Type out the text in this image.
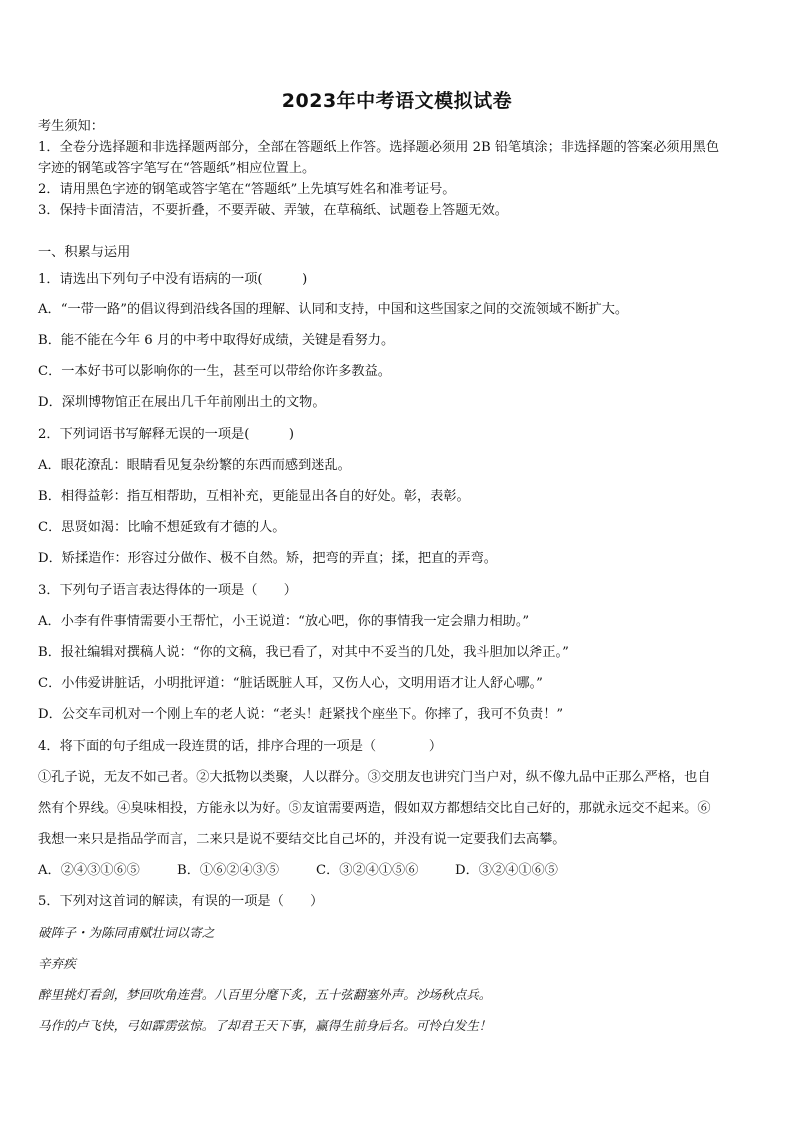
2023年中考语文模拟试卷
考生须知：
1．全卷分选择题和非选择题两部分，全部在答题纸上作答。选择题必须用 2B 铅笔填涂；非选择题的答案必须用黑色
字迹的钢笔或答字笔写在“答题纸”相应位置上。
2．请用黑色字迹的钢笔或答字笔在“答题纸”上先填写姓名和准考证号。
3．保持卡面清洁，不要折叠，不要弄破、弄皱，在草稿纸、试题卷上答题无效。
一、积累与运用
1．请选出下列句子中没有语病的一项(　　　)
A．“一带一路”的倡议得到沿线各国的理解、认同和支持，中国和这些国家之间的交流领域不断扩大。
B．能不能在今年 6 月的中考中取得好成绩，关键是看努力。
C．一本好书可以影响你的一生，甚至可以带给你许多教益。
D．深圳博物馆正在展出几千年前刚出土的文物。
2．下列词语书写解释无误的一项是(　　　)
A．眼花潦乱：眼睛看见复杂纷繁的东西而感到迷乱。
B．相得益彰：指互相帮助，互相补充，更能显出各自的好处。彰，表彰。
C．思贤如渴：比喻不想延致有才德的人。
D．矫揉造作：形容过分做作、极不自然。矫，把弯的弄直；揉，把直的弄弯。
3．下列句子语言表达得体的一项是（　　）
A．小李有件事情需要小王帮忙，小王说道：“放心吧，你的事情我一定会鼎力相助。”
B．报社编辑对撰稿人说：“你的文稿，我已看了，对其中不妥当的几处，我斗胆加以斧正。”
C．小伟爱讲脏话，小明批评道：“脏话既脏人耳，又伤人心，文明用语才让人舒心哪。”
D．公交车司机对一个刚上车的老人说：“老头！赶紧找个座坐下。你摔了，我可不负责！”
4．将下面的句子组成一段连贯的话，排序合理的一项是（　　　　）
①孔子说，无友不如己者。②大抵物以类聚，人以群分。③交朋友也讲究门当户对，纵不像九品中正那么严格，也自
然有个界线。④臭味相投，方能永以为好。⑤友谊需要两造，假如双方都想结交比自己好的，那就永远交不起来。⑥
我想一来只是指品学而言，二来只是说不要结交比自己坏的，并没有说一定要我们去高攀。
A．②④③①⑥⑤	B．①⑥②④③⑤	C．③②④①⑤⑥	D．③②④①⑥⑤
5．下列对这首词的解读，有误的一项是（　　）
破阵子・为陈同甫赋壮词以寄之
辛弃疾
醉里挑灯看剑，梦回吹角连营。八百里分麾下炙，五十弦翻塞外声。沙场秋点兵。
马作的卢飞快，弓如霹雳弦惊。了却君王天下事，赢得生前身后名。可怜白发生！
